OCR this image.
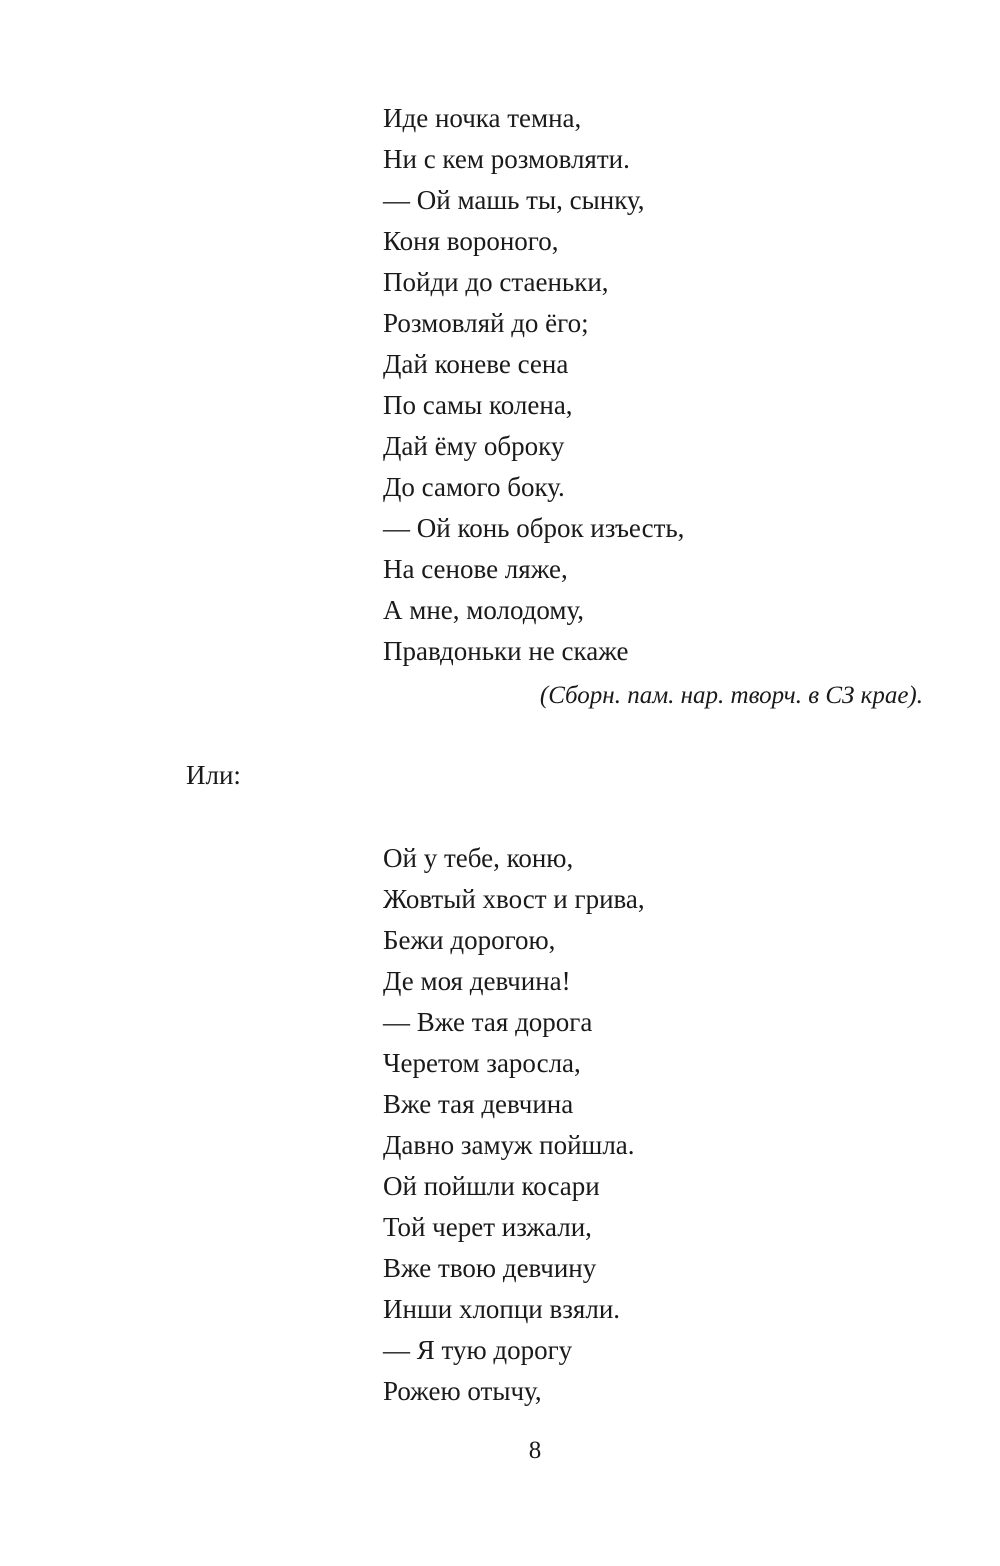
Иде ночка темна,
Ни с кем розмовляти.
— Ой машь ты, сынку,
Коня вороного,
Пойди до стаеньки,
Розмовляй до ёго;
Дай коневе сена
По самы колена,
Дай ёму оброку
До самого боку.
— Ой конь оброк изъесть,
На сенове ляже,
А мне, молодому,
Правдоньки не скаже
(Сборн. пам. нар. творч. в СЗ крае).
Или:
Ой у тебе, коню,
Жовтый хвост и грива,
Бежи дорогою,
Де моя девчина!
— Вже тая дорога
Черетом заросла,
Вже тая девчина
Давно замуж пойшла.
Ой пойшли косари
Той черет изжали,
Вже твою девчину
Инши хлопци взяли.
— Я тую дорогу
Рожею отычу,
8
